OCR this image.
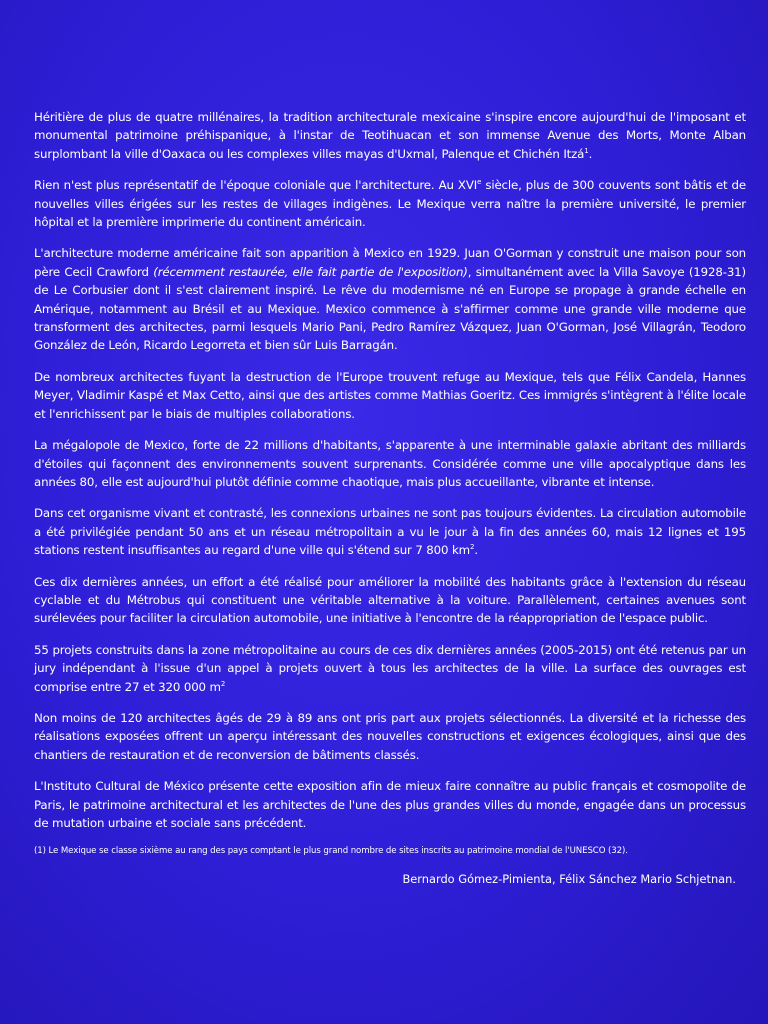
Héritière de plus de quatre millénaires, la tradition architecturale mexicaine s'inspire encore aujourd'hui de l'imposant et monumental patrimoine préhispanique, à l'instar de Teotihuacan et son immense Avenue des Morts, Monte Alban surplombant la ville d'Oaxaca ou les complexes villes mayas d'Uxmal, Palenque et Chichén Itzá$^1$.

Rien n'est plus représentatif de l'époque coloniale que l'architecture. Au XVIe siècle, plus de 300 couvents sont bâtis et de nouvelles villes érigées sur les restes de villages indigènes. Le Mexique verra naître la première université, le premier hôpital et la première imprimerie du continent américain.

L'architecture moderne américaine fait son apparition à Mexico en 1929. Juan O'Gorman y construit une maison pour son père Cecil Crawford (récemment restaurée, elle fait partie de l'exposition), simultanément avec la Villa Savoye (1928-31) de Le Corbusier dont il s'est clairement inspiré. Le rêve du modernisme né en Europe se propage à grande échelle en Amérique, notamment au Brésil et au Mexique. Mexico commence à s'affirmer comme une grande ville moderne que transforment des architectes, parmi lesquels Mario Pani, Pedro Ramírez Vázquez, Juan O'Gorman, José Villagrán, Teodoro González de León, Ricardo Legorreta et bien sûr Luis Barragán.

De nombreux architectes fuyant la destruction de l'Europe trouvent refuge au Mexique, tels que Félix Candela, Hannes Meyer, Vladimir Kaspé et Max Cetto, ainsi que des artistes comme Mathias Goeritz. Ces immigrés s'intègrent à l'élite locale et l'enrichissent par le biais de multiples collaborations.

La mégalopole de Mexico, forte de 22 millions d'habitants, s'apparente à une interminable galaxie abritant des milliards d'étoiles qui façonnent des environnements souvent surprenants. Considérée comme une ville apocalyptique dans les années 80, elle est aujourd'hui plutôt définie comme chaotique, mais plus accueillante, vibrante et intense.

Dans cet organisme vivant et contrasté, les connexions urbaines ne sont pas toujours évidentes. La circulation automobile a été privilégiée pendant 50 ans et un réseau métropolitain a vu le jour à la fin des années 60, mais 12 lignes et 195 stations restent insuffisantes au regard d'une ville qui s'étend sur 7 800 $km^2$.

Ces dix dernières années, un effort a été réalisé pour améliorer la mobilité des habitants grâce à l'extension du réseau cyclable et du Métrobus qui constituent une véritable alternative à la voiture. Parallèlement, certaines avenues sont surélevées pour faciliter la circulation automobile, une initiative à l'encontre de la réappropriation de l'espace public.

55 projets construits dans la zone métropolitaine au cours de ces dix dernières années (2005-2015) ont été retenus par un jury indépendant à l'issue d'un appel à projets ouvert à tous les architectes de la ville. La surface des ouvrages est comprise entre 27 et 320 000 $m^2$

Non moins de 120 architectes âgés de 29 à 89 ans ont pris part aux projets sélectionnés. La diversité et la richesse des réalisations exposées offrent un aperçu intéressant des nouvelles constructions et exigences écologiques, ainsi que des chantiers de restauration et de reconversion de bâtiments classés.

L'Instituto Cultural de México présente cette exposition afin de mieux faire connaître au public français et cosmopolite de Paris, le patrimoine architectural et les architectes de l'une des plus grandes villes du monde, engagée dans un processus de mutation urbaine et sociale sans précédent.

(1) Le Mexique se classe sixième au rang des pays comptant le plus grand nombre de sites inscrits au patrimoine mondial de l'UNESCO (32).

Bernardo Gómez-Pimienta, Félix Sánchez Mario Schjetnan.
